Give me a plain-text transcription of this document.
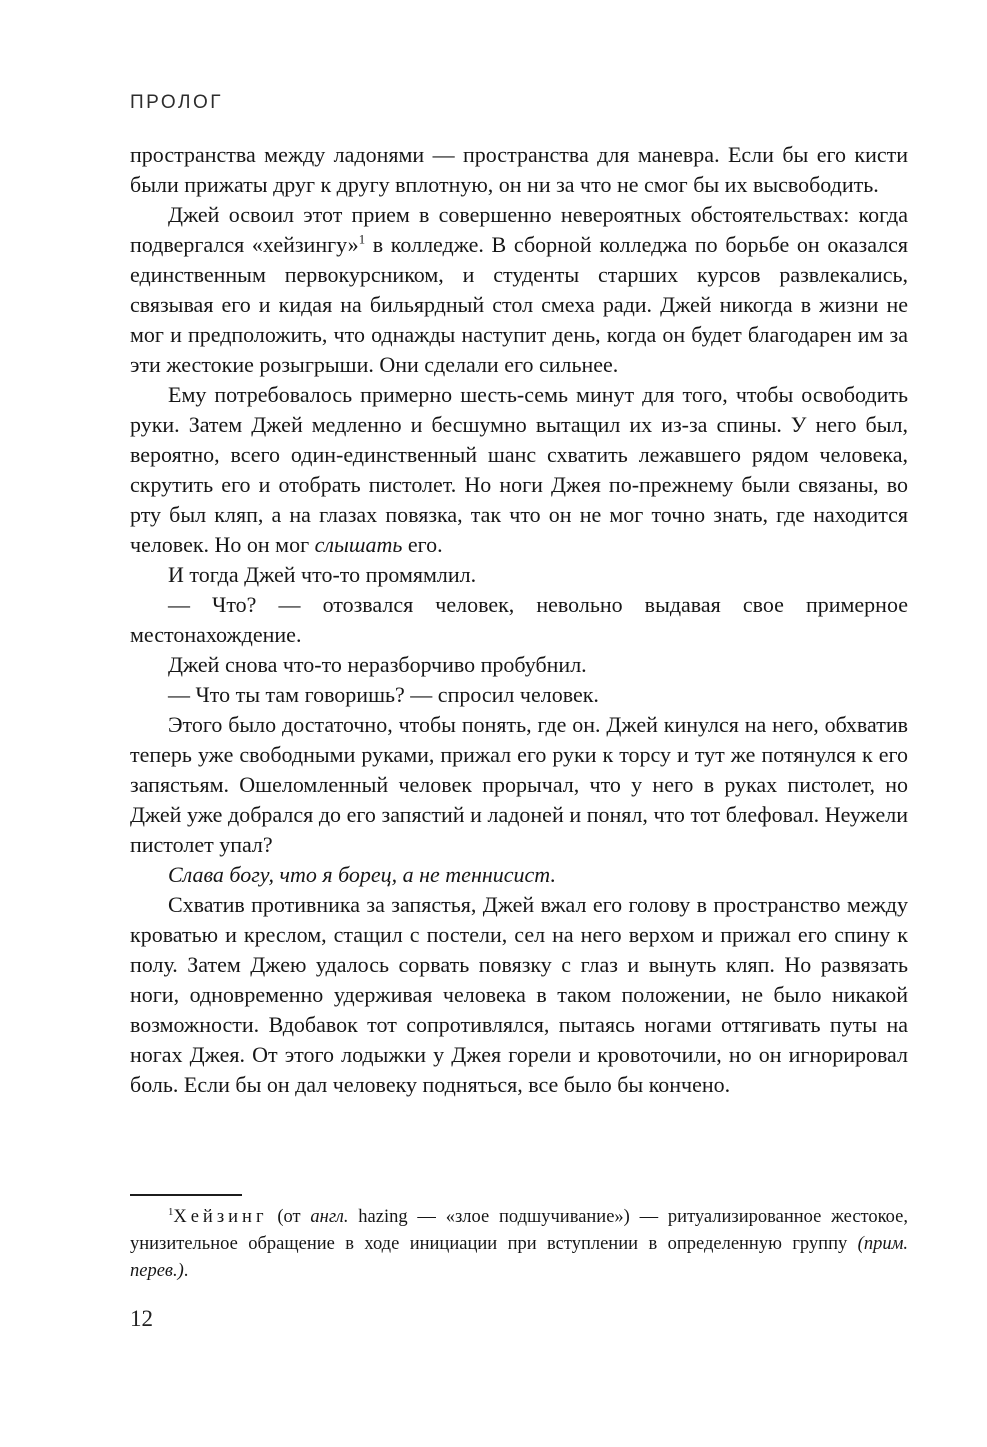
ПРОЛОГ

пространства между ладонями — пространства для маневра. Если бы его кисти были прижаты друг к другу вплотную, он ни за что не смог бы их высвободить.

Джей освоил этот прием в совершенно невероятных обстоятельствах: когда подвергался «хейзингу»$^1$ в колледже. В сборной колледжа по борьбе он оказался единственным первокурсником, и студенты старших курсов развлекались, связывая его и кидая на бильярдный стол смеха ради. Джей никогда в жизни не мог и предположить, что однажды наступит день, когда он будет благодарен им за эти жестокие розыгрыши. Они сделали его сильнее.

Ему потребовалось примерно шесть-семь минут для того, чтобы освободить руки. Затем Джей медленно и бесшумно вытащил их из-за спины. У него был, вероятно, всего один-единственный шанс схватить лежавшего рядом человека, скрутить его и отобрать пистолет. Но ноги Джея по-прежнему были связаны, во рту был кляп, а на глазах повязка, так что он не мог точно знать, где находится человек. Но он мог слышать его.

И тогда Джей что-то промямлил.

— Что? — отозвался человек, невольно выдавая свое примерное местонахождение.

Джей снова что-то неразборчиво пробубнил.

— Что ты там говоришь? — спросил человек.

Этого было достаточно, чтобы понять, где он. Джей кинулся на него, обхватив теперь уже свободными руками, прижал его руки к торсу и тут же потянулся к его запястьям. Ошеломленный человек прорычал, что у него в руках пистолет, но Джей уже добрался до его запястий и ладоней и понял, что тот блефовал. Неужели пистолет упал?

Слава богу, что я борец, а не теннисист.

Схватив противника за запястья, Джей вжал его голову в пространство между кроватью и креслом, стащил с постели, сел на него верхом и прижал его спину к полу. Затем Джею удалось сорвать повязку с глаз и вынуть кляп. Но развязать ноги, одновременно удерживая человека в таком положении, не было никакой возможности. Вдобавок тот сопротивлялся, пытаясь ногами оттягивать путы на ногах Джея. От этого лодыжки у Джея горели и кровоточили, но он игнорировал боль. Если бы он дал человеку подняться, все было бы кончено.

$^1$Хейзинг (от англ. hazing — «злое подшучивание») — ритуализированное жестокое, унизительное обращение в ходе инициации при вступлении в определенную группу (прим. перев.).

12
